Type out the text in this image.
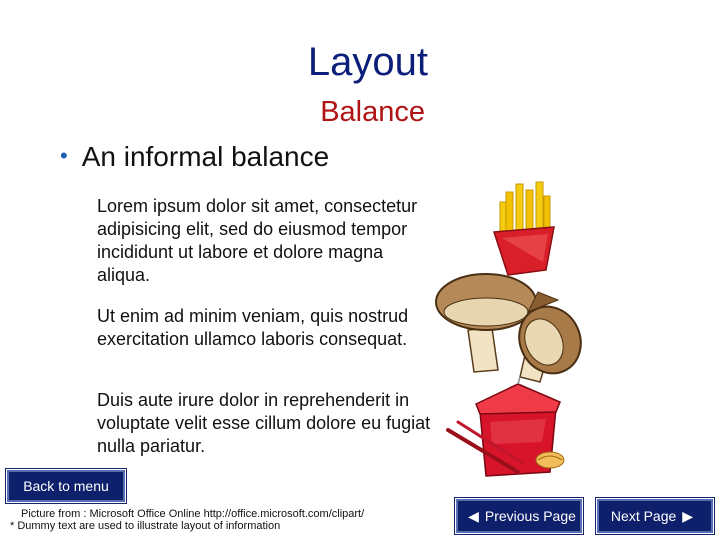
Layout
Balance
• An informal balance
Lorem ipsum dolor sit amet, consectetur adipisicing elit, sed do eiusmod tempor incididunt ut labore et dolore magna aliqua.
Ut enim ad minim veniam, quis nostrud exercitation ullamco laboris consequat.
Duis aute irure dolor in reprehenderit in voluptate velit esse cillum dolore eu fugiat nulla pariatur.
Back to menu
Picture from : Microsoft Office Online http://office.microsoft.com/clipart/
* Dummy text are used to illustrate layout of information
◀ Previous Page	Next Page ▶
